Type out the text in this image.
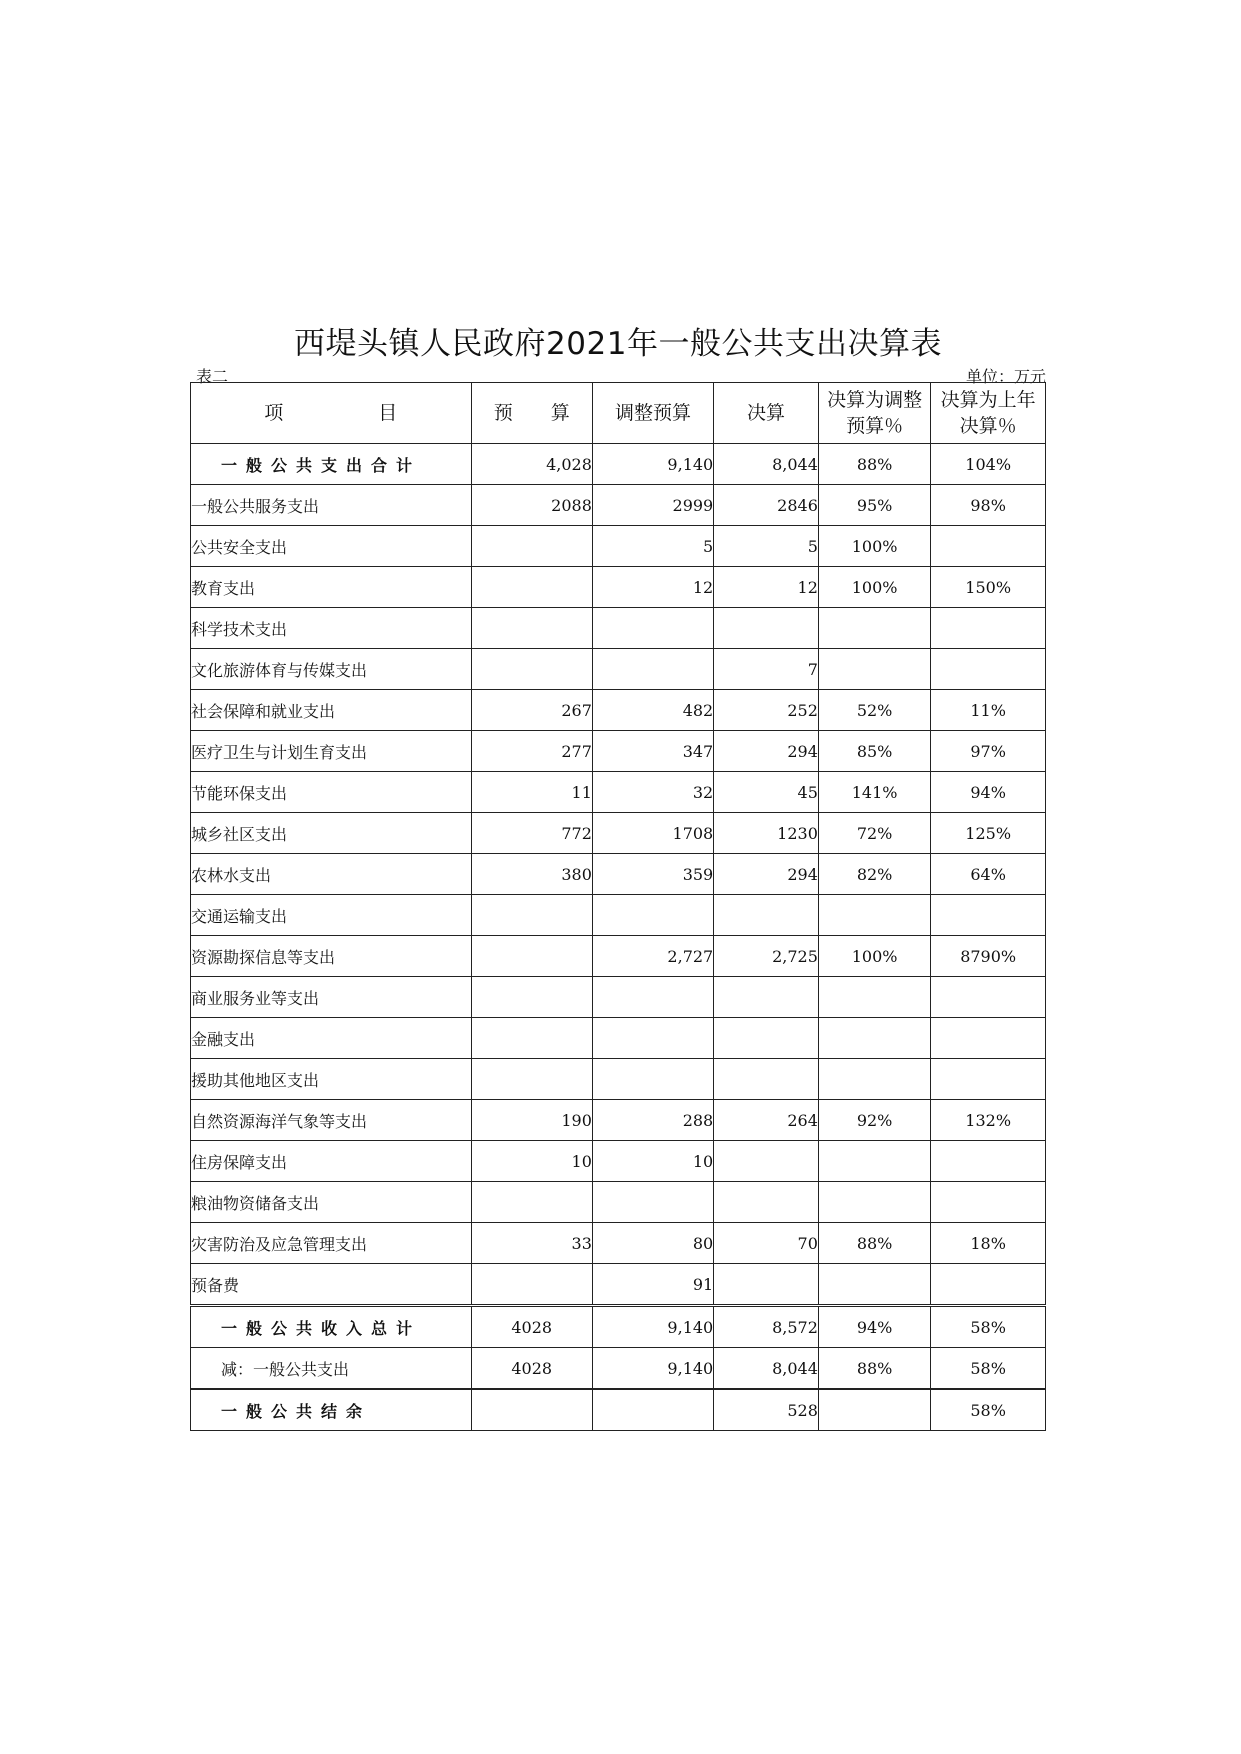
西堤头镇人民政府2021年一般公共支出决算表
表二	单位：万元
项　　　　　目	预　　算	调整预算	决算	决算为调整预算％	决算为上年决算％
一般公共支出合计	4,028	9,140	8,044	88%	104%
一般公共服务支出	2088	2999	2846	95%	98%
公共安全支出		5	5	100%	
教育支出		12	12	100%	150%
科学技术支出					
文化旅游体育与传媒支出			7		
社会保障和就业支出	267	482	252	52%	11%
医疗卫生与计划生育支出	277	347	294	85%	97%
节能环保支出	11	32	45	141%	94%
城乡社区支出	772	1708	1230	72%	125%
农林水支出	380	359	294	82%	64%
交通运输支出					
资源勘探信息等支出		2,727	2,725	100%	8790%
商业服务业等支出					
金融支出					
援助其他地区支出					
自然资源海洋气象等支出	190	288	264	92%	132%
住房保障支出	10	10			
粮油物资储备支出					
灾害防治及应急管理支出	33	80	70	88%	18%
预备费		91			
一般公共收入总计	4028	9,140	8,572	94%	58%
减：一般公共支出	4028	9,140	8,044	88%	58%
一般公共结余			528		58%
